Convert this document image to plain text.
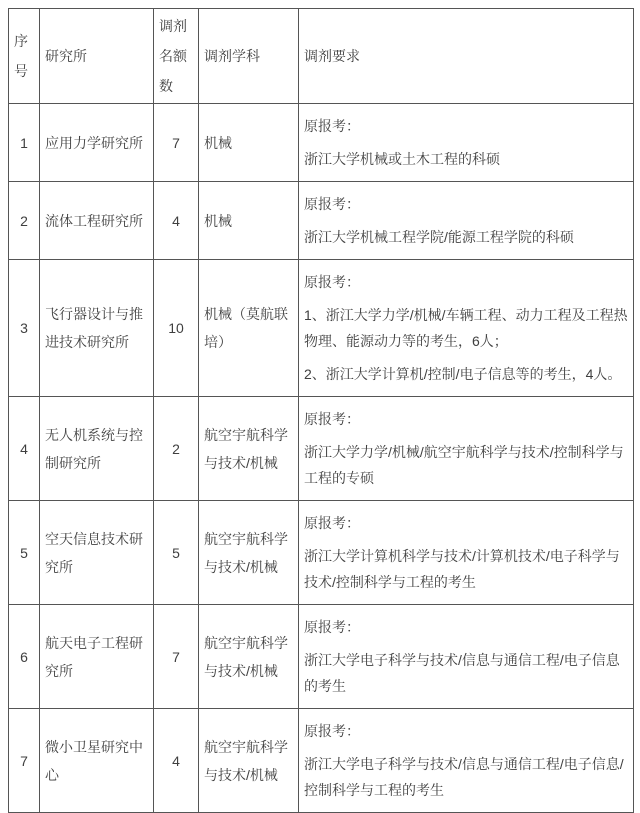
序号	研究所	调剂名额数	调剂学科	调剂要求
1	应用力学研究所	7	机械	原报考：

浙江大学机械或土木工程的科硕

2	流体工程研究所	4	机械	原报考：

浙江大学机械工程学院/能源工程学院的科硕

3	飞行器设计与推进技术研究所	10	机械（莫航联培）	原报考：

1、浙江大学力学/机械/车辆工程、动力工程及工程热物理、能源动力等的考生，6人；

2、浙江大学计算机/控制/电子信息等的考生，4人。

4	无人机系统与控制研究所	2	航空宇航科学与技术/机械	原报考：

浙江大学力学/机械/航空宇航科学与技术/控制科学与工程的专硕

5	空天信息技术研究所	5	航空宇航科学与技术/机械	原报考：

浙江大学计算机科学与技术/计算机技术/电子科学与技术/控制科学与工程的考生

6	航天电子工程研究所	7	航空宇航科学与技术/机械	原报考：

浙江大学电子科学与技术/信息与通信工程/电子信息的考生

7	微小卫星研究中心	4	航空宇航科学与技术/机械	原报考：

浙江大学电子科学与技术/信息与通信工程/电子信息/控制科学与工程的考生
